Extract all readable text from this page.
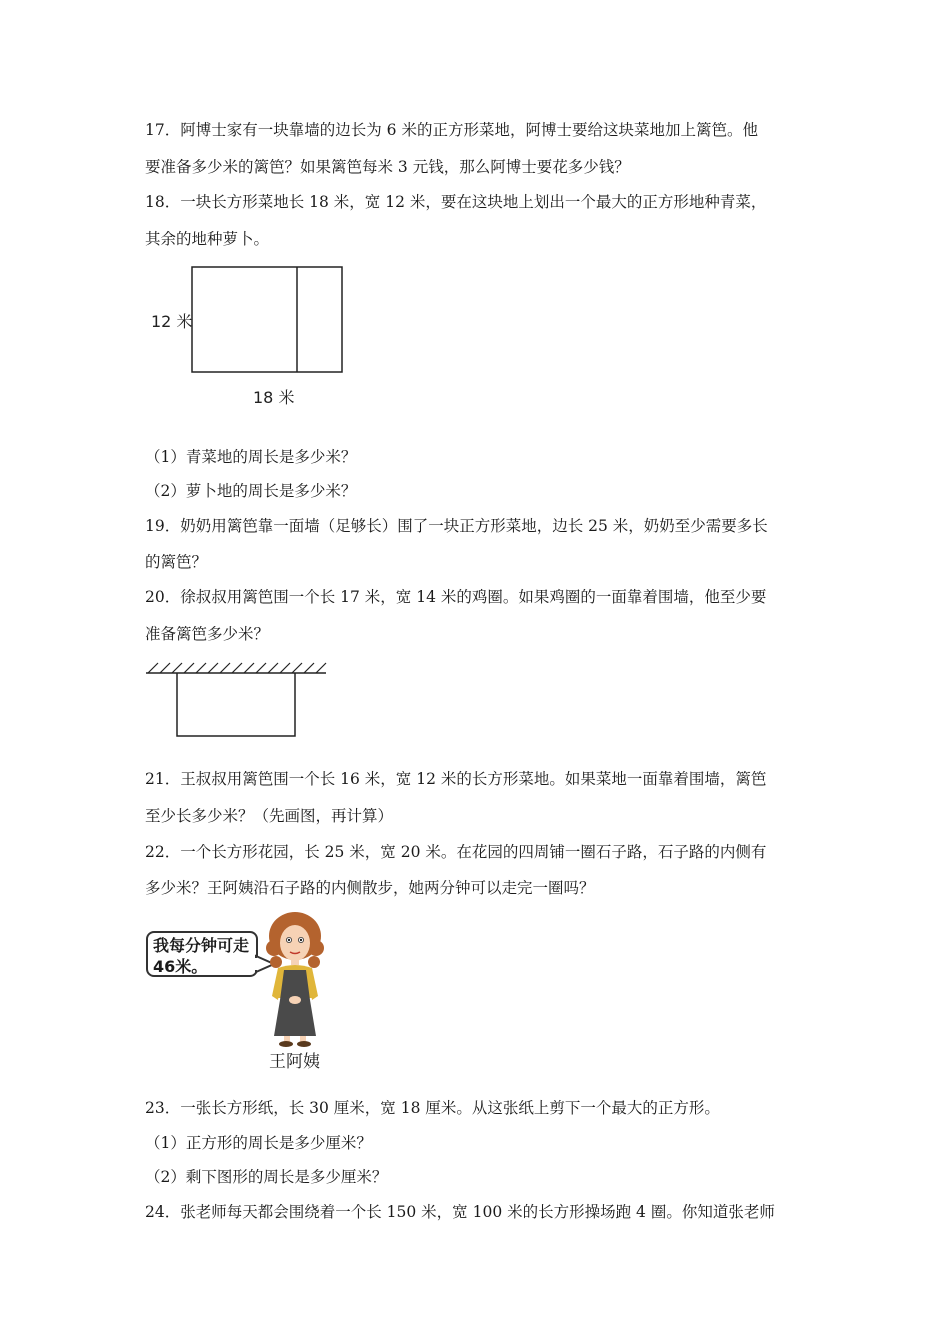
17．阿博士家有一块靠墙的边长为 6 米的正方形菜地，阿博士要给这块菜地加上篱笆。他
要准备多少米的篱笆？如果篱笆每米 3 元钱，那么阿博士要花多少钱？
18．一块长方形菜地长 18 米，宽 12 米，要在这块地上划出一个最大的正方形地种青菜，
其余的地种萝卜。
12 米
18 米
（1）青菜地的周长是多少米？
（2）萝卜地的周长是多少米？
19．奶奶用篱笆靠一面墙（足够长）围了一块正方形菜地，边长 25 米，奶奶至少需要多长
的篱笆？
20．徐叔叔用篱笆围一个长 17 米，宽 14 米的鸡圈。如果鸡圈的一面靠着围墙，他至少要
准备篱笆多少米？
21．王叔叔用篱笆围一个长 16 米，宽 12 米的长方形菜地。如果菜地一面靠着围墙，篱笆
至少长多少米？（先画图，再计算）
22．一个长方形花园，长 25 米，宽 20 米。在花园的四周铺一圈石子路，石子路的内侧有
多少米？王阿姨沿石子路的内侧散步，她两分钟可以走完一圈吗？
我每分钟可走
46米。
王阿姨
23．一张长方形纸，长 30 厘米，宽 18 厘米。从这张纸上剪下一个最大的正方形。
（1）正方形的周长是多少厘米？
（2）剩下图形的周长是多少厘米？
24．张老师每天都会围绕着一个长 150 米，宽 100 米的长方形操场跑 4 圈。你知道张老师
